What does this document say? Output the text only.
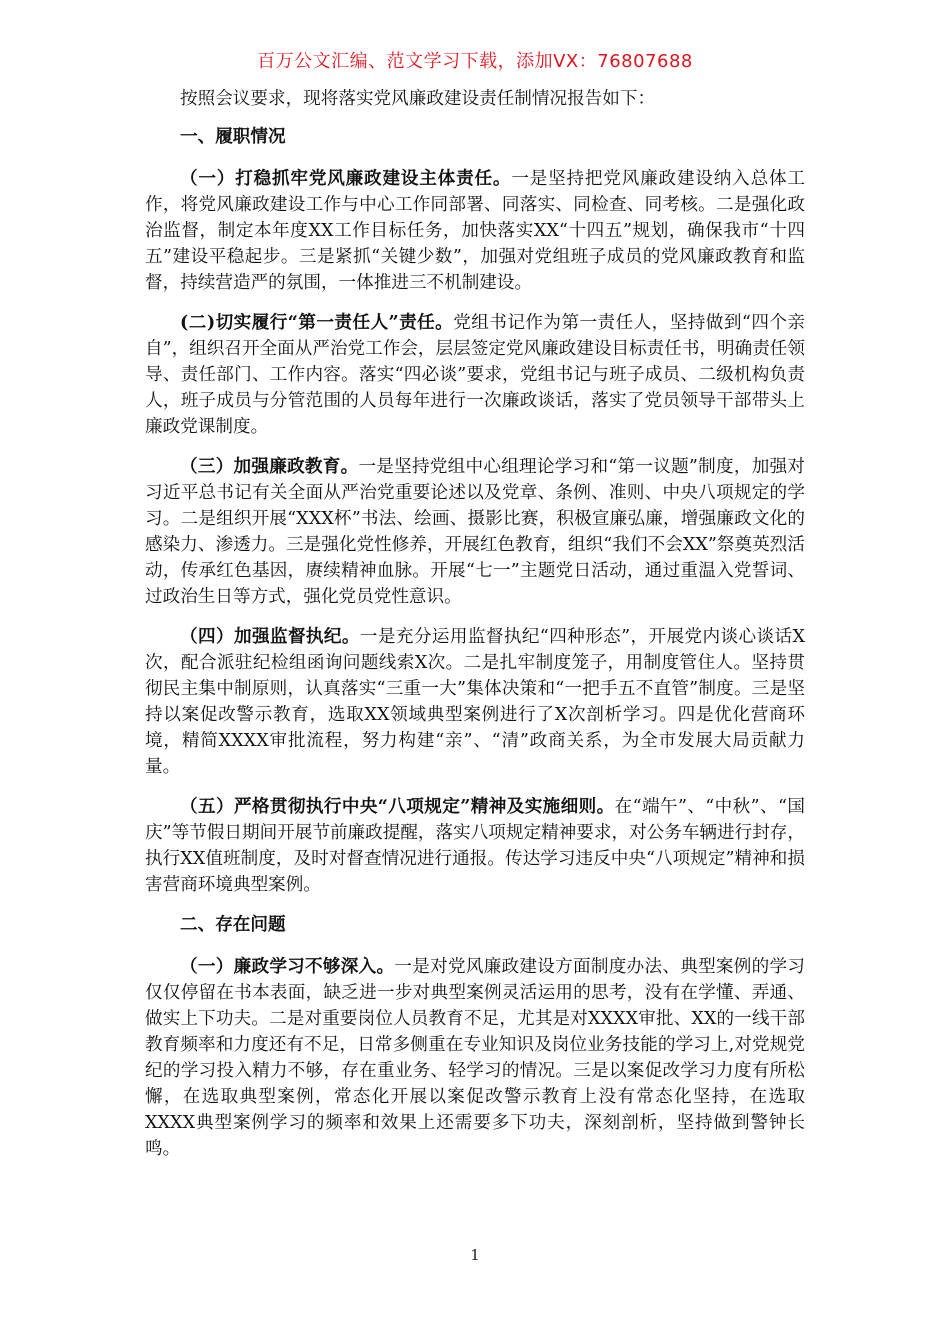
百万公文汇编、范文学习下载，添加VX：76807688

按照会议要求，现将落实党风廉政建设责任制情况报告如下：

一、履职情况

（一）打稳抓牢党风廉政建设主体责任。一是坚持把党风廉政建设纳入总体工作，将党风廉政建设工作与中心工作同部署、同落实、同检查、同考核。二是强化政治监督，制定本年度XX工作目标任务，加快落实XX“十四五”规划，确保我市“十四五”建设平稳起步。三是紧抓“关键少数”，加强对党组班子成员的党风廉政教育和监督，持续营造严的氛围，一体推进三不机制建设。

(二)切实履行“第一责任人”责任。党组书记作为第一责任人，坚持做到“四个亲自”，组织召开全面从严治党工作会，层层签定党风廉政建设目标责任书，明确责任领导、责任部门、工作内容。落实“四必谈”要求，党组书记与班子成员、二级机构负责人，班子成员与分管范围的人员每年进行一次廉政谈话，落实了党员领导干部带头上廉政党课制度。

（三）加强廉政教育。一是坚持党组中心组理论学习和“第一议题”制度，加强对习近平总书记有关全面从严治党重要论述以及党章、条例、准则、中央八项规定的学习。二是组织开展“XXX杯”书法、绘画、摄影比赛，积极宣廉弘廉，增强廉政文化的感染力、渗透力。三是强化党性修养，开展红色教育，组织“我们不会XX”祭奠英烈活动，传承红色基因，赓续精神血脉。开展“七一”主题党日活动，通过重温入党誓词、过政治生日等方式，强化党员党性意识。

（四）加强监督执纪。一是充分运用监督执纪“四种形态”，开展党内谈心谈话X次，配合派驻纪检组函询问题线索X次。二是扎牢制度笼子，用制度管住人。坚持贯彻民主集中制原则，认真落实“三重一大”集体决策和“一把手五不直管”制度。三是坚持以案促改警示教育，选取XX领域典型案例进行了X次剖析学习。四是优化营商环境，精简XXXX审批流程，努力构建“亲”、“清”政商关系，为全市发展大局贡献力量。

（五）严格贯彻执行中央“八项规定”精神及实施细则。在“端午”、“中秋”、“国庆”等节假日期间开展节前廉政提醒，落实八项规定精神要求，对公务车辆进行封存，执行XX值班制度，及时对督查情况进行通报。传达学习违反中央“八项规定”精神和损害营商环境典型案例。

二、存在问题

（一）廉政学习不够深入。一是对党风廉政建设方面制度办法、典型案例的学习仅仅停留在书本表面，缺乏进一步对典型案例灵活运用的思考，没有在学懂、弄通、做实上下功夫。二是对重要岗位人员教育不足，尤其是对XXXX审批、XX的一线干部教育频率和力度还有不足，日常多侧重在专业知识及岗位业务技能的学习上,对党规党纪的学习投入精力不够，存在重业务、轻学习的情况。三是以案促改学习力度有所松懈，在选取典型案例，常态化开展以案促改警示教育上没有常态化坚持，在选取XXXX典型案例学习的频率和效果上还需要多下功夫，深刻剖析，坚持做到警钟长鸣。

1
